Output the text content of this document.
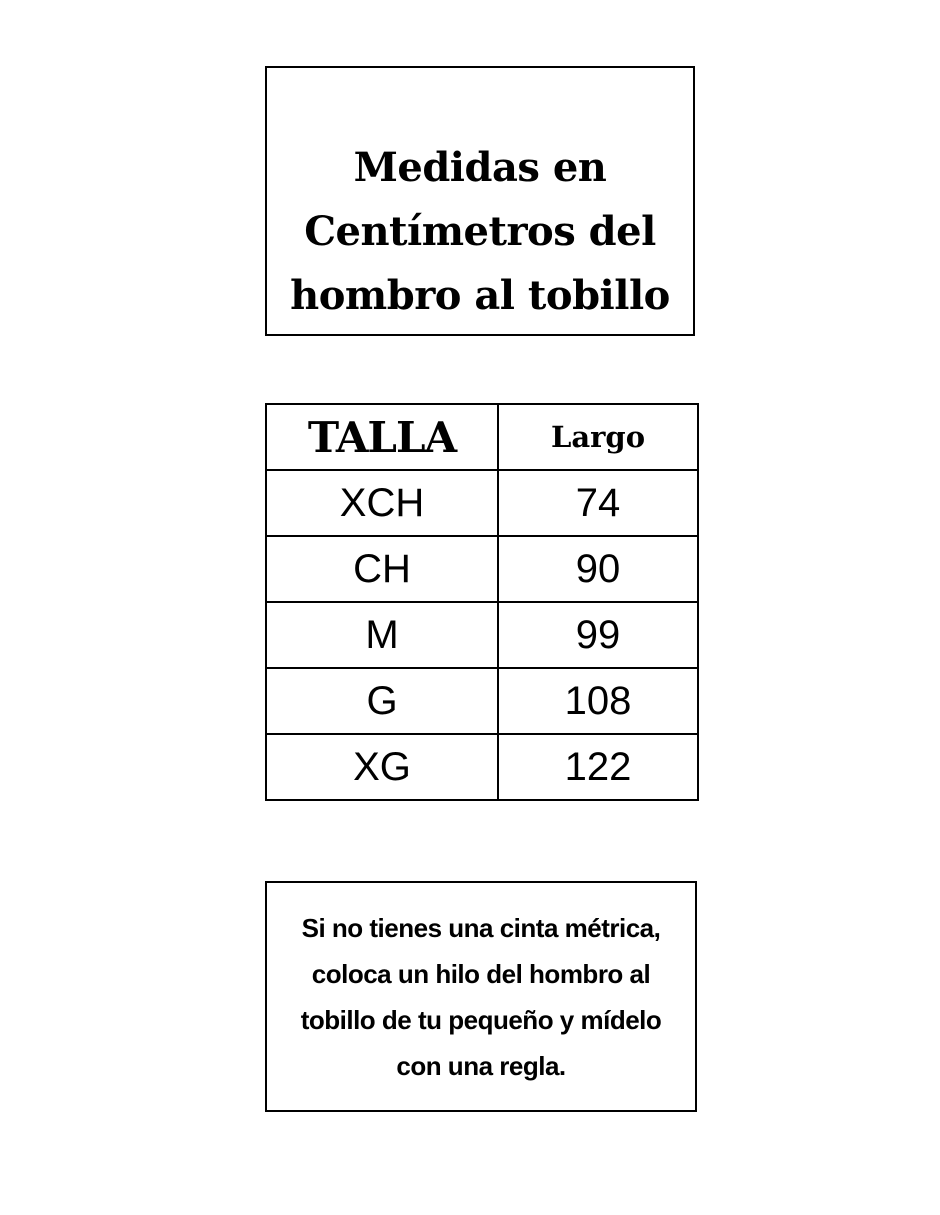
Medidas en
Centímetros del
hombro al tobillo
TALLA	Largo
XCH	74
CH	90
M	99
G	108
XG	122
Si no tienes una cinta métrica,
coloca un hilo del hombro al
tobillo de tu pequeño y mídelo
con una regla.
